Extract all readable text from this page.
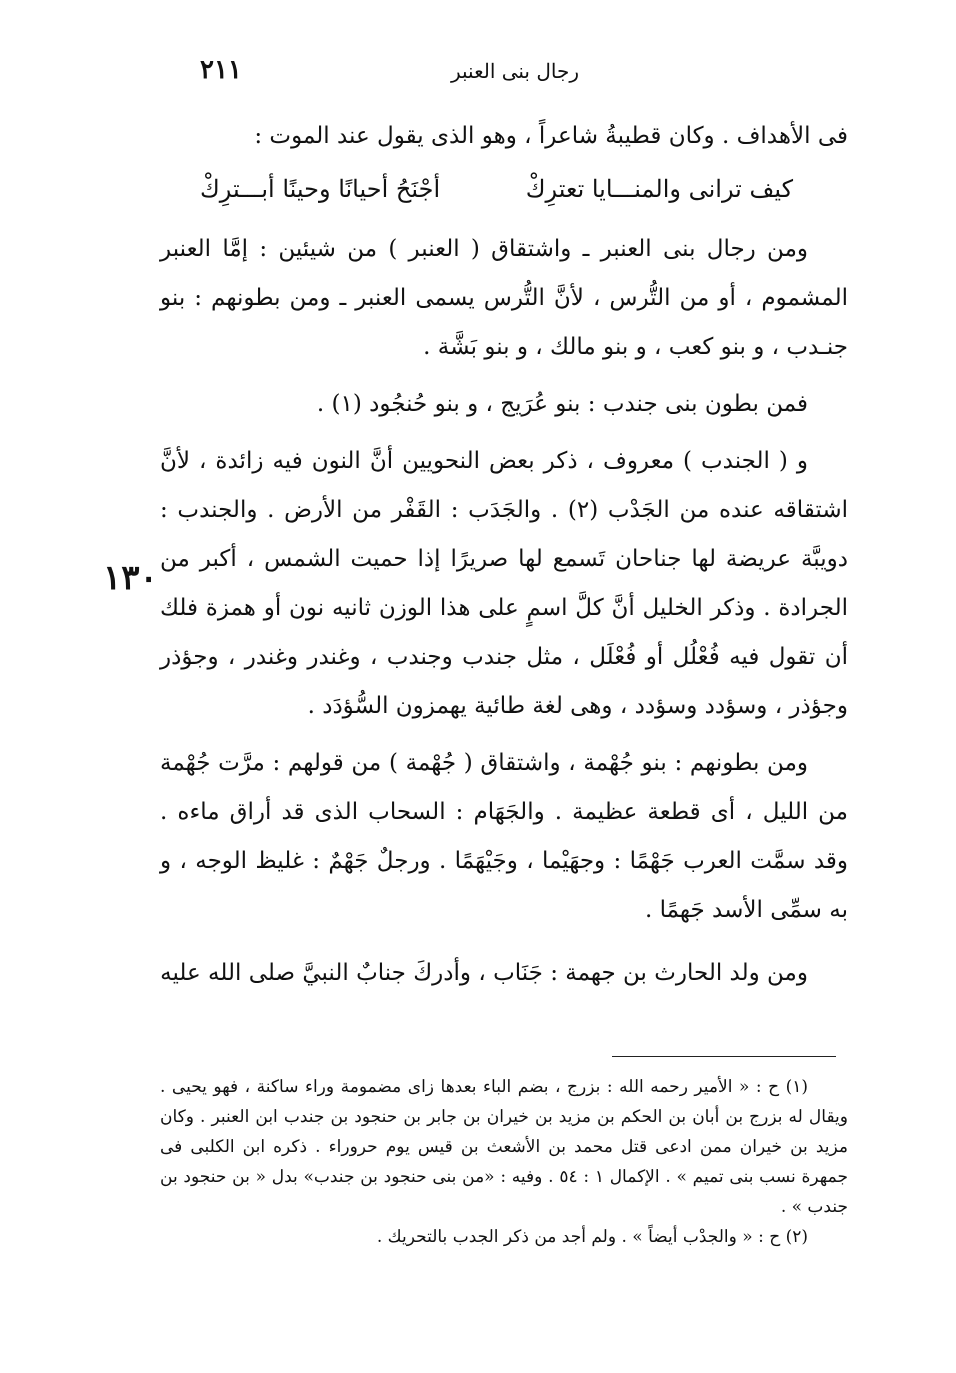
٢١١	رجال بنى العنبر
١٣٠

فى الأهداف . وكان قطيبةُ شاعراً ، وهو الذى يقول عند الموت :

كيف ترانى والمنـــايا تعترِكْ
أجْنَحُ أحيانًا وحينًا أبـــترِكْ

ومن رجال بنى العنبر ـ واشتقاق ( العنبر ) من شيئين : إمَّا العنبر المشموم ، أو من التُّرس ، لأنَّ التُّرس يسمى العنبر ـ ومن بطونهم : بنو جنـدب ، و بنو كعب ، و بنو مالك ، و بنو بَشَّة .

فمن بطون بنى جندب : بنو عُرَيج ، و بنو حُنجُود (١) .

و ( الجندب ) معروف ، ذكر بعض النحويين أنَّ النون فيه زائدة ، لأنَّ اشتقاقه عنده من الجَدْب (٢) . والجَدَب : القَفْر من الأرض . والجندب : دويبَّة عريضة لها جناحان تَسمع لها صريرًا إذا حميت الشمس ، أكبر من الجرادة . وذكر الخليل أنَّ كلَّ اسمٍ على هذا الوزن ثانيه نون أو همزة فلك أن تقول فيه فُعْلُل أو فُعْلَل ، مثل جندب وجندب ، وغندر وغندر ، وجؤذر وجؤذر ، وسؤدد وسؤدد ، وهى لغة طائية يهمزون السُّؤدَد .

ومن بطونهم : بنو جُهْمة ، واشتقاق ( جُهْمة ) من قولهم : مرَّت جُهْمة من الليل ، أى قطعة عظيمة . والجَهَام : السحاب الذى قد أراق ماءه . وقد سمَّت العرب جَهْمًا : وجهَيْما ، وجَيْهَمًا . ورجلٌ جَهْمٌ : غليظ الوجه ، و به سمِّى الأسد جَهمًا .

ومن ولد الحارث بن جهمة : جَنَاب ، وأدركَ جنابٌ النبيَّ صلى الله عليه

(١) ح : « الأمير رحمه الله : بزرج ، بضم الباء بعدها زاى مضمومة وراء ساكنة ، فهو يحيى . ويقال له بزرج بن أبان بن الحكم بن مزيد بن خيران بن جابر بن حنجود بن جندب ابن العنبر . وكان مزيد بن خيران ممن ادعى قتل محمد بن الأشعث بن قيس يوم حروراء . ذكره ابن الكلبى فى جمهرة نسب بنى تميم » . الإكمال ١ : ٥٤ . وفيه : «من بنى حنجود بن جندب» بدل « بن حنجود بن جندب » .

(٢) ح : « والجدْب أيضاً » . ولم أجد من ذكر الجدب بالتحريك .
